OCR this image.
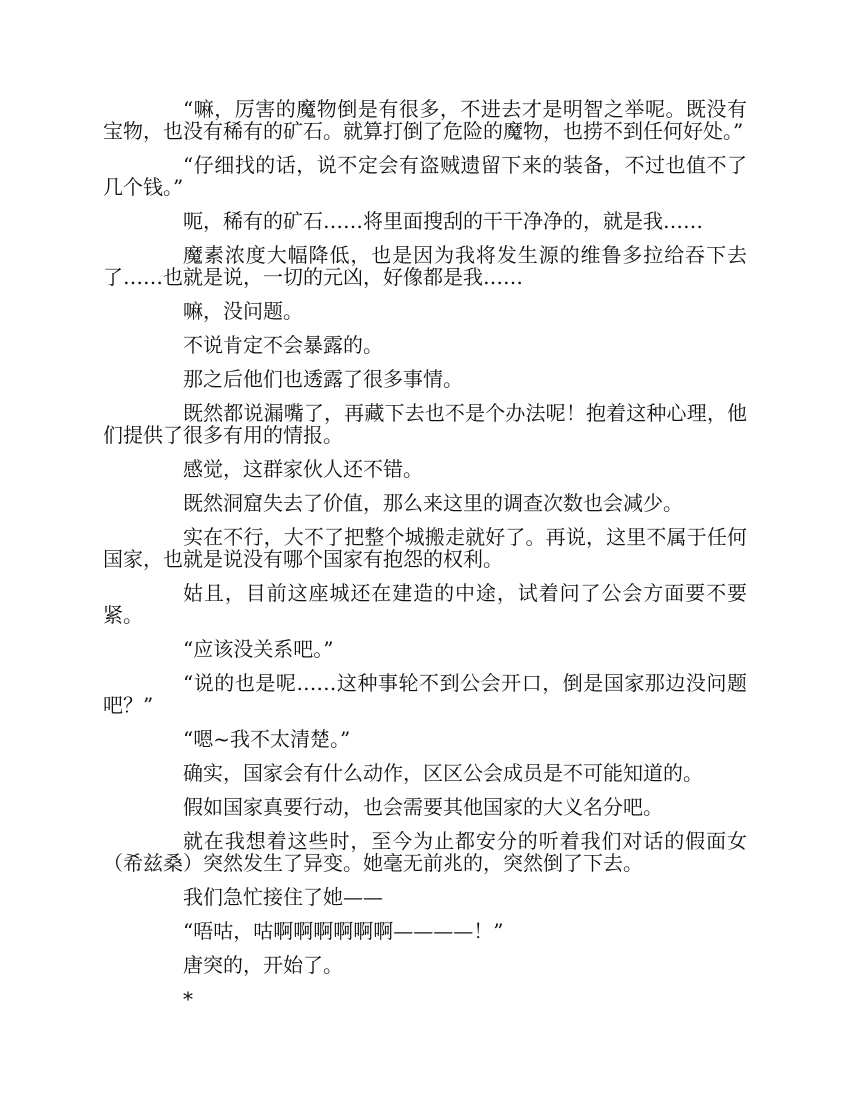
“嘛，厉害的魔物倒是有很多，不进去才是明智之举呢。既没有宝物，也没有稀有的矿石。就算打倒了危险的魔物，也捞不到任何好处。”

“仔细找的话，说不定会有盗贼遗留下来的装备，不过也值不了几个钱。”

呃，稀有的矿石……将里面搜刮的干干净净的，就是我……

魔素浓度大幅降低，也是因为我将发生源的维鲁多拉给吞下去了……也就是说，一切的元凶，好像都是我……

嘛，没问题。

不说肯定不会暴露的。

那之后他们也透露了很多事情。

既然都说漏嘴了，再藏下去也不是个办法呢！抱着这种心理，他们提供了很多有用的情报。

感觉，这群家伙人还不错。

既然洞窟失去了价值，那么来这里的调查次数也会减少。

实在不行，大不了把整个城搬走就好了。再说，这里不属于任何国家，也就是说没有哪个国家有抱怨的权利。

姑且，目前这座城还在建造的中途，试着问了公会方面要不要紧。

“应该没关系吧。”

“说的也是呢……这种事轮不到公会开口，倒是国家那边没问题吧？”

“嗯~我不太清楚。”

确实，国家会有什么动作，区区公会成员是不可能知道的。

假如国家真要行动，也会需要其他国家的大义名分吧。

就在我想着这些时，至今为止都安分的听着我们对话的假面女（希兹桑）突然发生了异变。她毫无前兆的，突然倒了下去。

我们急忙接住了她——

“唔咕，咕啊啊啊啊啊啊————！”

唐突的，开始了。

*
